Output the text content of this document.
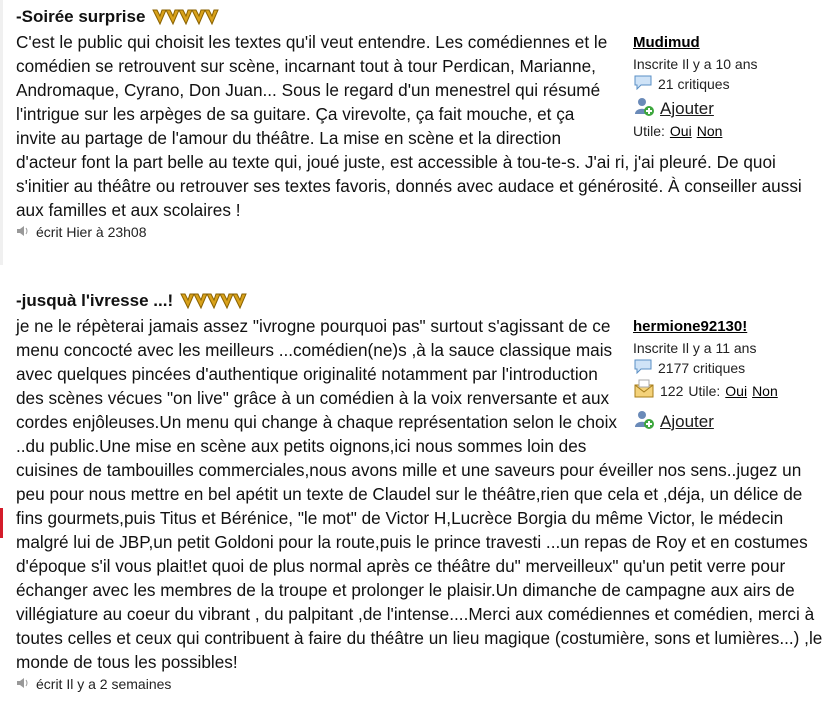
-Soirée surprise
Mudimud
Inscrite Il y a 10 ans
21 critiques
Ajouter
Utile: Oui Non

C'est le public qui choisit les textes qu'il veut entendre. Les comédiennes et le comédien se retrouvent sur scène, incarnant tout à tour Perdican, Marianne, Andromaque, Cyrano, Don Juan... Sous le regard d'un menestrel qui résumé l'intrigue sur les arpèges de sa guitare. Ça virevolte, ça fait mouche, et ça invite au partage de l'amour du théâtre. La mise en scène et la direction d'acteur font la part belle au texte qui, joué juste, est accessible à tou-te-s. J'ai ri, j'ai pleuré. De quoi s'initier au théâtre ou retrouver ses textes favoris, donnés avec audace et générosité. À conseiller aussi aux familles et aux scolaires !

écrit Hier à 23h08
-jusquà l'ivresse ...!
hermione92130!
Inscrite Il y a 11 ans
2177 critiques
122 Utile: Oui Non
Ajouter

je ne le répèterai jamais assez "ivrogne pourquoi pas" surtout s'agissant de ce menu concocté avec les meilleurs ...comédien(ne)s ,à la sauce classique mais avec quelques pincées d'authentique originalité notamment par l'introduction des scènes vécues "on live" grâce à un comédien à la voix renversante et aux cordes enjôleuses.Un menu qui change à chaque représentation selon le choix ..du public.Une mise en scène aux petits oignons,ici nous sommes loin des cuisines de tambouilles commerciales,nous avons mille et une saveurs pour éveiller nos sens..jugez un peu pour nous mettre en bel apétit un texte de Claudel sur le théâtre,rien que cela et ,déja, un délice de fins gourmets,puis Titus et Bérénice, "le mot" de Victor H,Lucrèce Borgia du même Victor, le médecin malgré lui de JBP,un petit Goldoni pour la route,puis le prince travesti ...un repas de Roy et en costumes d'époque s'il vous plait!et quoi de plus normal après ce théâtre du" merveilleux" qu'un petit verre pour échanger avec les membres de la troupe et prolonger le plaisir.Un dimanche de campagne aux airs de villégiature au coeur du vibrant , du palpitant ,de l'intense....Merci aux comédiennes et comédien, merci à toutes celles et ceux qui contribuent à faire du théâtre un lieu magique (costumière, sons et lumières...) ,le monde de tous les possibles!

écrit Il y a 2 semaines
